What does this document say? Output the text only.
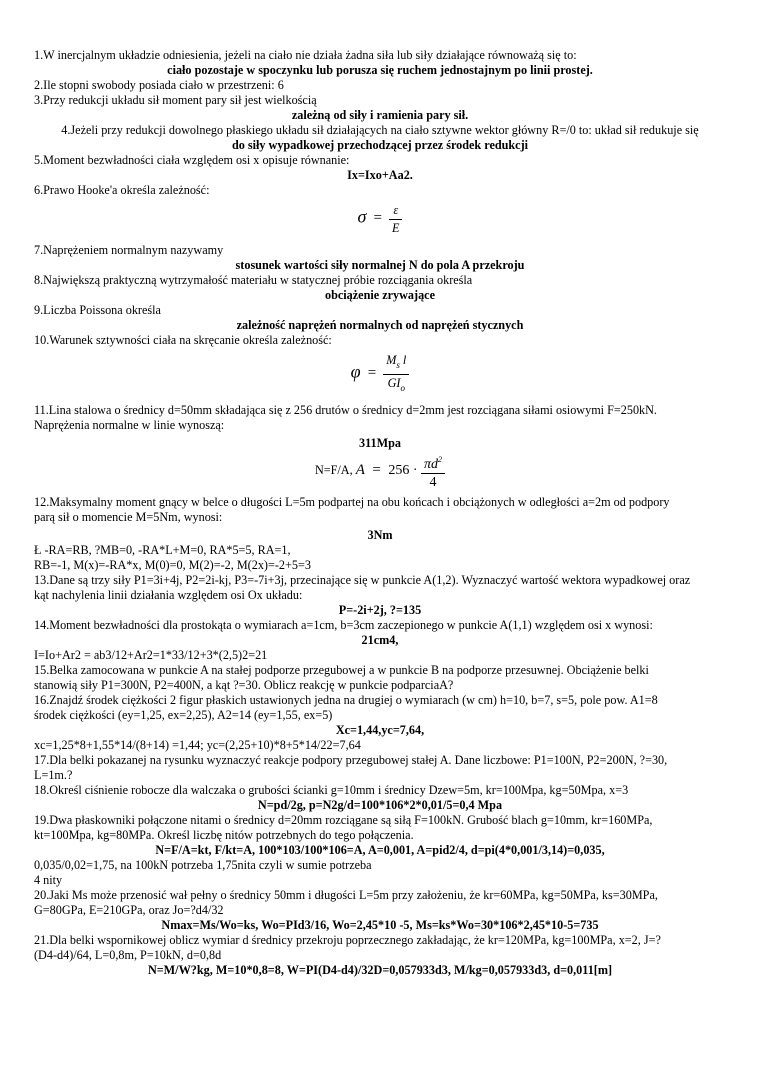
1.W inercjalnym układzie odniesienia, jeżeli na ciało nie działa żadna siła lub siły działające równoważą się to:

ciało pozostaje w spoczynku lub porusza się ruchem jednostajnym po linii prostej.

2.Ile stopni swobody posiada ciało w przestrzeni: 6

3.Przy redukcji układu sił moment pary sił jest wielkością

zależną od siły i ramienia pary sił.

4.Jeżeli przy redukcji dowolnego płaskiego układu sił działających na ciało sztywne wektor główny R=/0 to: układ sił redukuje się

do siły wypadkowej przechodzącej przez środek redukcji

5.Moment bezwładności ciała względem osi x opisuje równanie:

Ix=Ixo+Aa2.

6.Prawo Hooke'a określa zależność:

$\sigma = \frac{\varepsilon}{E}$

7.Naprężeniem normalnym nazywamy

stosunek wartości siły normalnej N do pola A przekroju

8.Największą praktyczną wytrzymałość materiału w statycznej próbie rozciągania określa

obciążenie zrywające

9.Liczba Poissona określa

zależność naprężeń normalnych od naprężeń stycznych

10.Warunek sztywności ciała na skręcanie określa zależność:

$\varphi = \frac{M_s l}{GI_o}$

11.Lina stalowa o średnicy d=50mm składająca się z 256 drutów o średnicy d=2mm jest rozciągana siłami osiowymi F=250kN.

Naprężenia normalne w linie wynoszą:

311Mpa

N=F/A, $A = 256 \cdot \frac{\pi d^2}{4}$

12.Maksymalny moment gnący w belce o długości L=5m podpartej na obu końcach i obciążonych w odległości a=2m od podpory

parą sił o momencie M=5Nm, wynosi:

3Nm

Ł -RA=RB, ?MB=0, -RA*L+M=0, RA*5=5, RA=1,

RB=-1, M(x)=-RA*x, M(0)=0, M(2)=-2, M(2x)=-2+5=3

13.Dane są trzy siły P1=3i+4j, P2=2i-kj, P3=-7i+3j, przecinające się w punkcie A(1,2). Wyznaczyć wartość wektora wypadkowej oraz

kąt nachylenia linii działania względem osi Ox układu:

P=-2i+2j, ?=135

14.Moment bezwładności dla prostokąta o wymiarach a=1cm, b=3cm zaczepionego w punkcie A(1,1) względem osi x wynosi:

21cm4,

I=Io+Ar2 = ab3/12+Ar2=1*33/12+3*(2,5)2=21

15.Belka zamocowana w punkcie A na stałej podporze przegubowej a w punkcie B na podporze przesuwnej. Obciążenie belki

stanowią siły P1=300N, P2=400N, a kąt ?=30. Oblicz reakcję w punkcie podparciaA?

16.Znajdź środek ciężkości 2 figur płaskich ustawionych jedna na drugiej o wymiarach (w cm) h=10, b=7, s=5, pole pow. A1=8

środek ciężkości (ey=1,25, ex=2,25), A2=14 (ey=1,55, ex=5)

Xc=1,44,yc=7,64,

xc=1,25*8+1,55*14/(8+14) =1,44; yc=(2,25+10)*8+5*14/22=7,64

17.Dla belki pokazanej na rysunku wyznaczyć reakcje podpory przegubowej stałej A. Dane liczbowe: P1=100N, P2=200N, ?=30,

L=1m.?

18.Określ ciśnienie robocze dla walczaka o grubości ścianki g=10mm i średnicy Dzew=5m, kr=100Mpa, kg=50Mpa, x=3

N=pd/2g, p=N2g/d=100*106*2*0,01/5=0,4 Mpa

19.Dwa płaskowniki połączone nitami o średnicy d=20mm rozciągane są siłą F=100kN. Grubość blach g=10mm, kr=160MPa,

kt=100Mpa, kg=80MPa. Określ liczbę nitów potrzebnych do tego połączenia.

N=F/A=kt, F/kt=A, 100*103/100*106=A, A=0,001, A=pid2/4, d=pi(4*0,001/3,14)=0,035,

0,035/0,02=1,75, na 100kN potrzeba 1,75nita czyli w sumie potrzeba

4 nity

20.Jaki Ms może przenosić wał pełny o średnicy 50mm i długości L=5m przy założeniu, że kr=60MPa, kg=50MPa, ks=30MPa,

G=80GPa, E=210GPa, oraz Jo=?d4/32

Nmax=Ms/Wo=ks, Wo=PId3/16, Wo=2,45*10 -5, Ms=ks*Wo=30*106*2,45*10-5=735

21.Dla belki wspornikowej oblicz wymiar d średnicy przekroju poprzecznego zakładając, że kr=120MPa, kg=100MPa, x=2, J=?

(D4-d4)/64, L=0,8m, P=10kN, d=0,8d

N=M/W?kg, M=10*0,8=8, W=PI(D4-d4)/32D=0,057933d3, M/kg=0,057933d3, d=0,011[m]
